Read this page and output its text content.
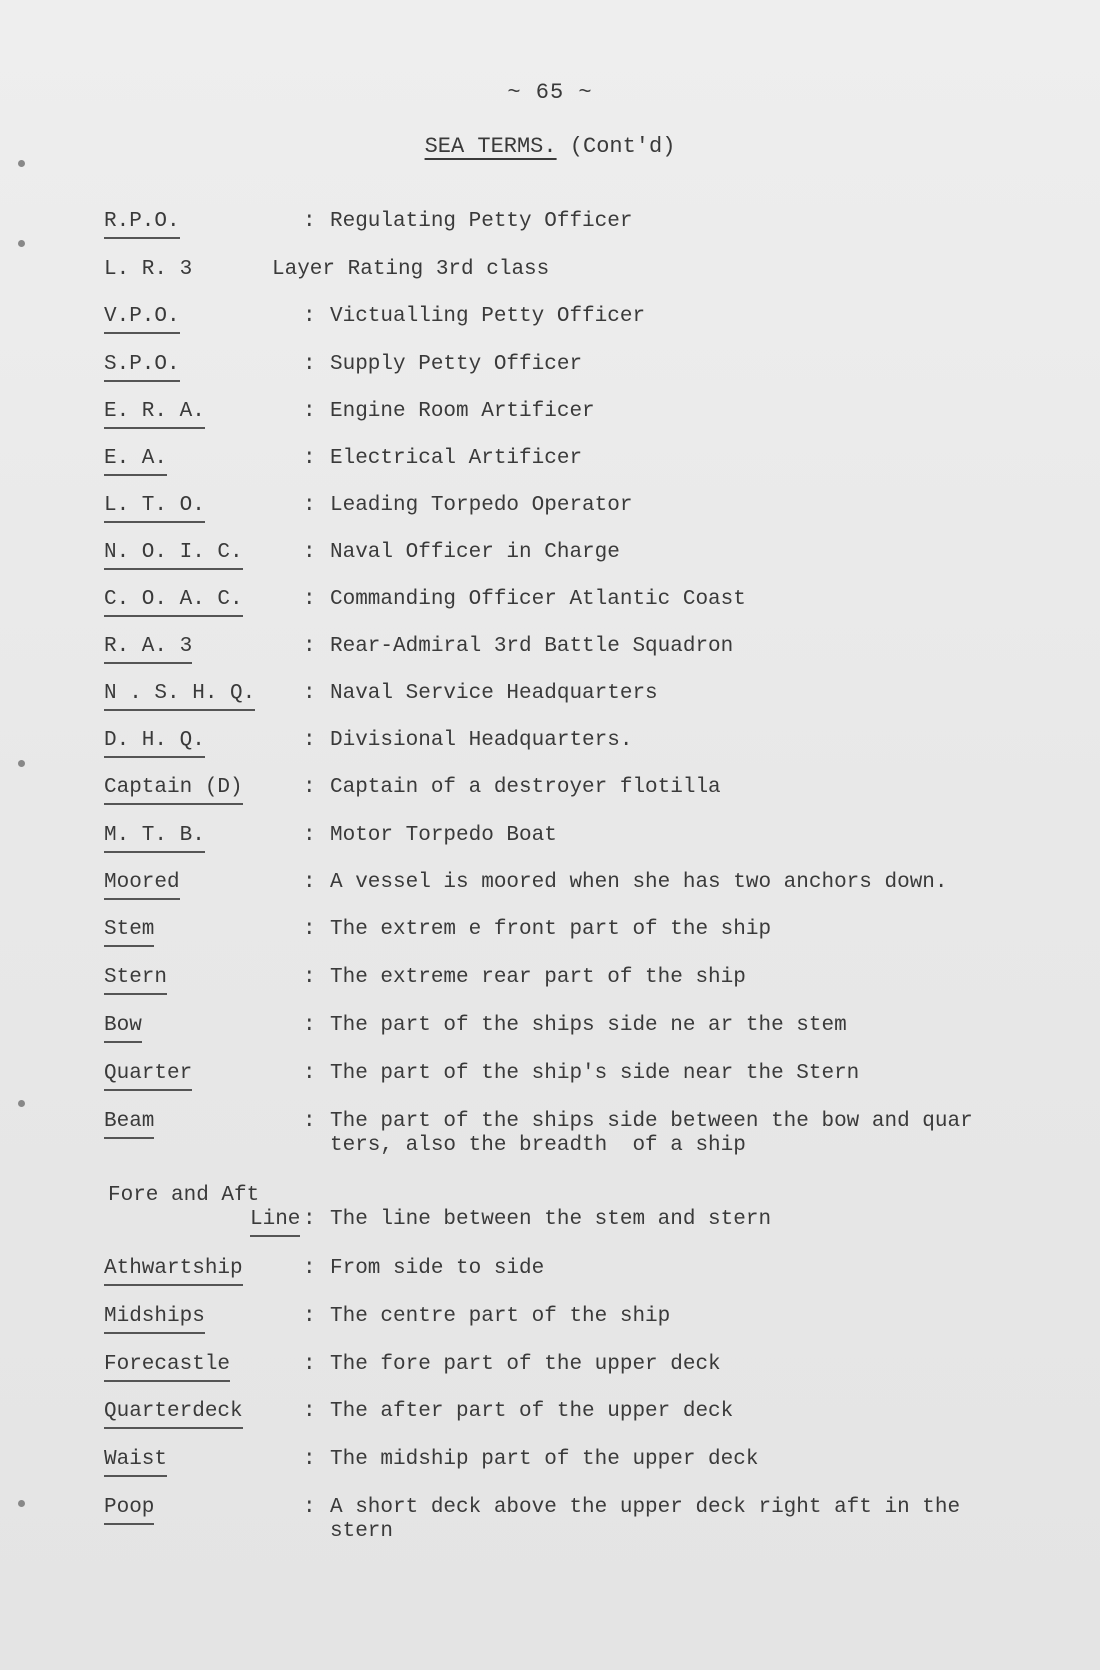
~ 65 ~
SEA TERMS. (Cont'd)
R.P.O.	: Regulating Petty Officer
L. R. 3	Layer Rating 3rd class
V.P.O.	: Victualling Petty Officer
S.P.O.	: Supply Petty Officer
E. R. A.	: Engine Room Artificer
E. A.	: Electrical Artificer
L. T. O.	: Leading Torpedo Operator
N. O. I. C.	: Naval Officer in Charge
C. O. A. C.	: Commanding Officer Atlantic Coast
R. A. 3	: Rear-Admiral 3rd Battle Squadron
N . S. H. Q. : Naval Service Headquarters
D. H. Q.	: Divisional Headquarters.
Captain (D)	: Captain of a destroyer flotilla
M. T. B.	: Motor Torpedo Boat
Moored	: A vessel is moored when she has two anchors down.
Stem	: The extrem e front part of the ship
Stern	: The extreme rear part of the ship
Bow	: The part of the ships side ne ar the stem
Quarter	: The part of the ship's side near the Stern
Beam	: The part of the ships side between the bow and quar
ters, also the breadth  of a ship
Fore and Aft
Line : The line between the stem and stern
Athwartship	: From side to side
Midships	: The centre part of the ship
Forecastle	: The fore part of the upper deck
Quarterdeck	: The after part of the upper deck
Waist	: The midship part of the upper deck
Poop	: A short deck above the upper deck right aft in the
stern
